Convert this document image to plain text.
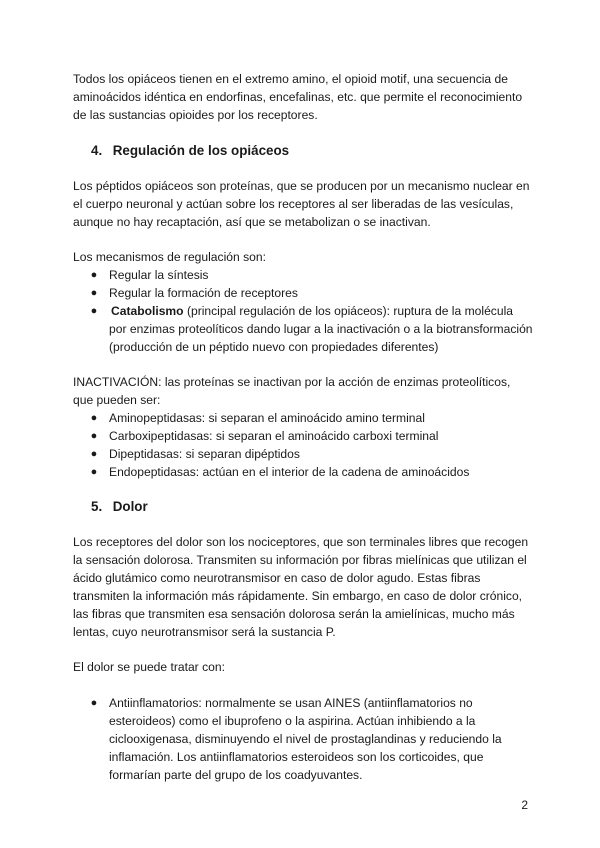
Todos los opiáceos tienen en el extremo amino, el opioid motif, una secuencia de aminoácidos idéntica en endorfinas, encefalinas, etc. que permite el reconocimiento de las sustancias opioides por los receptores.

4. Regulación de los opiáceos

Los péptidos opiáceos son proteínas, que se producen por un mecanismo nuclear en el cuerpo neuronal y actúan sobre los receptores al ser liberadas de las vesículas, aunque no hay recaptación, así que se metabolizan o se inactivan.

Los mecanismos de regulación son:

● Regular la síntesis
● Regular la formación de receptores
● Catabolismo (principal regulación de los opiáceos): ruptura de la molécula por enzimas proteolíticos dando lugar a la inactivación o a la biotransformación (producción de un péptido nuevo con propiedades diferentes)

INACTIVACIÓN: las proteínas se inactivan por la acción de enzimas proteolíticos, que pueden ser:

● Aminopeptidasas: si separan el aminoácido amino terminal
● Carboxipeptidasas: si separan el aminoácido carboxi terminal
● Dipeptidasas: si separan dipéptidos
● Endopeptidasas: actúan en el interior de la cadena de aminoácidos
5. Dolor

Los receptores del dolor son los nociceptores, que son terminales libres que recogen la sensación dolorosa. Transmiten su información por fibras mielínicas que utilizan el ácido glutámico como neurotransmisor en caso de dolor agudo. Estas fibras transmiten la información más rápidamente. Sin embargo, en caso de dolor crónico, las fibras que transmiten esa sensación dolorosa serán la amielínicas, mucho más lentas, cuyo neurotransmisor será la sustancia P.

El dolor se puede tratar con:

● Antiinflamatorios: normalmente se usan AINES (antiinflamatorios no esteroideos) como el ibuprofeno o la aspirina. Actúan inhibiendo a la ciclooxigenasa, disminuyendo el nivel de prostaglandinas y reduciendo la inflamación. Los antiinflamatorios esteroideos son los corticoides, que formarían parte del grupo de los coadyuvantes.
2
